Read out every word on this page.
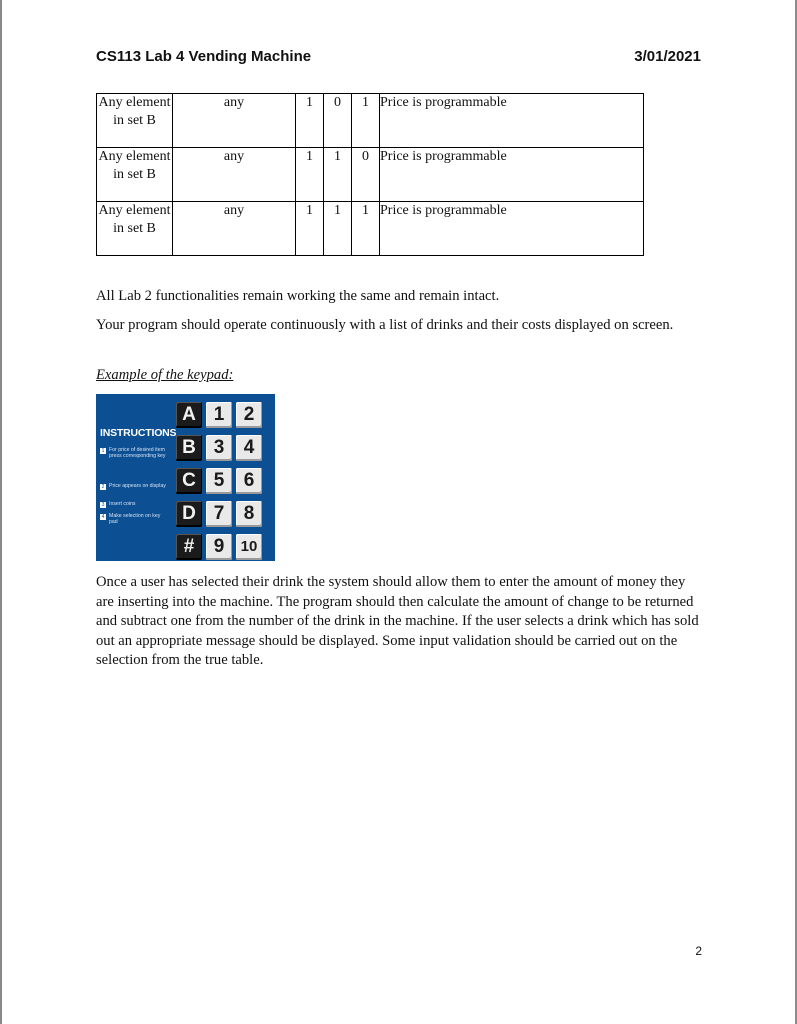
CS113 Lab 4 Vending Machine	3/01/2021
Any element in set B	any	1	0	1	Price is programmable
Any element in set B	any	1	1	0	Price is programmable
Any element in set B	any	1	1	1	Price is programmable

All Lab 2 functionalities remain working the same and remain intact.

Your program should operate continuously with a list of drinks and their costs displayed on screen.

Example of the keypad:

INSTRUCTIONS
1 For price of desired item press corresponding key
2 Price appears on display
3 Insert coins
4 Make selection on key pad
A 1	2
B 3	4
C 5	6
D 7	8
#	9	10

Once a user has selected their drink the system should allow them to enter the amount of money they are inserting into the machine. The program should then calculate the amount of change to be returned and subtract one from the number of the drink in the machine. If the user selects a drink which has sold out an appropriate message should be displayed. Some input validation should be carried out on the selection from the true table.

2
